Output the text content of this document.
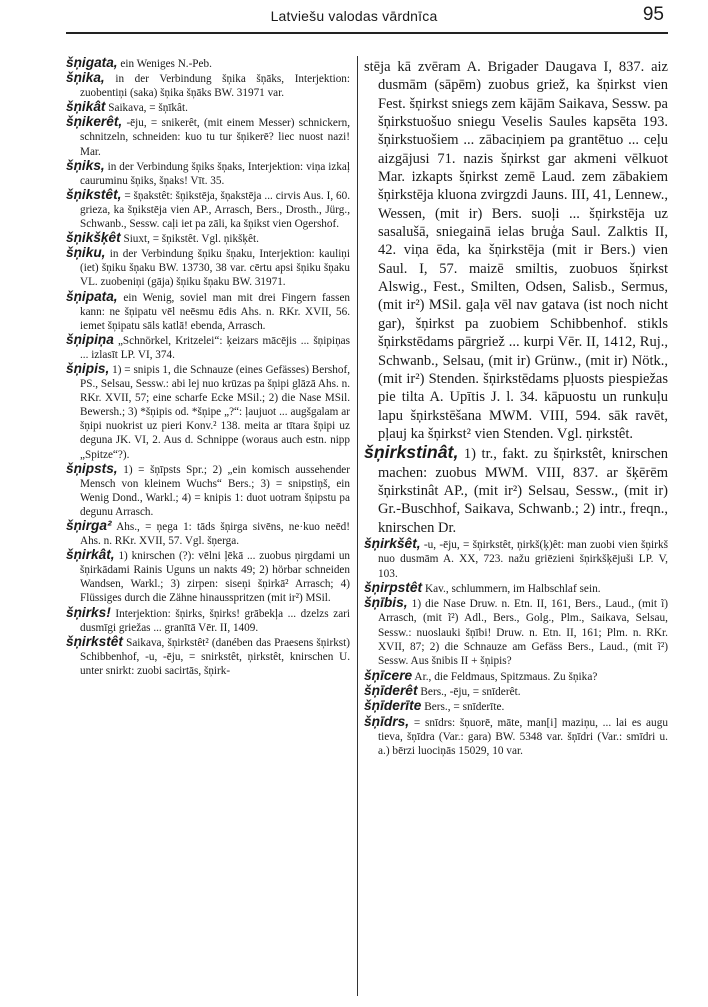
Latviešu valodas vārdnīca	95

šņigata, ein Weniges N.-Peb.

šņika, in der Verbindung šņika šņāks, Interjektion: zuobentiņi (saka) šņika šņāks BW. 31971 var.

šņikât Saikava, = šņīkât.

šņikerêt, -ēju, = snikerêt, (mit einem Messer) schnickern, schnitzeln, schneiden: kuo tu tur šņikerē? liec nuost nazi! Mar.

šņiks, in der Verbindung šņiks šņaks, Interjektion: viņa izkaļ cauruminu šņiks, šņaks! Vīt. 35.

šņikstêt, = šņakstêt: šņikstēja, šņakstēja ... cirvis Aus. I, 60. grieza, ka šņikstēja vien AP., Arrasch, Bers., Drosth., Jürg., Schwanb., Sessw. caļi iet pa zāli, ka šņikst vien Ogershof.

šņikšķêt Siuxt, = šņikstêt. Vgl. ņikšķêt.

šņiku, in der Verbindung šņiku šņaku, Interjektion: kauliņi (iet) šņiku šņaku BW. 13730, 38 var. cērtu apsi šņiku šņaku VL. zuobeniņi (gāja) šņiku šņaku BW. 31971.

šņipata, ein Wenig, soviel man mit drei Fingern fassen kann: ne šņipatu vēl neēsmu ēdis Ahs. n. RKr. XVII, 56. iemet šņipatu sāls katlā! ebenda, Arrasch.

šņipiņa „Schnörkel, Kritzelei“: ķeizars mācējis ... šņipiņas ... izlasīt LP. VI, 374.

šņipis, 1) = snipis 1, die Schnauze (eines Gefässes) Bershof, PS., Selsau, Sessw.: abi lej nuo krūzas pa šņipi glāzā Ahs. n. RKr. XVII, 57; eine scharfe Ecke MSil.; 2) die Nase MSil. Bewersh.; 3) *šņipis od. *šņipe „?“: ļaujuot ... augšgalam ar šņipi nuokrist uz pieri Konv.² 138. meita ar tītara šņipi uz deguna JK. VI, 2. Aus d. Schnippe (woraus auch estn. nipp „Spitze“?).

šņipsts, 1) = šņīpsts Spr.; 2) „ein komisch aussehender Mensch von kleinem Wuchs“ Bers.; 3) = snipstiņš, ein Wenig Dond., Warkl.; 4) = knipis 1: duot uotram šņipstu pa degunu Arrasch.

šņirga² Ahs., = ņega 1: tāds šņirga sivēns, ne·kuo neēd! Ahs. n. RKr. XVII, 57. Vgl. šņerga.

šņirkât, 1) knirschen (?): vēlni ļēkā ... zuobus ņirgdami un šņirkādami Rainis Uguns un nakts 49; 2) hörbar schneiden Wandsen, Warkl.; 3) zirpen: siseņi šņirkā² Arrasch; 4) Flüssiges durch die Zähne hinausspritzen (mit ir²) MSil.

šņirks! Interjektion: šņirks, šņirks! grābekļa ... dzelzs zari dusmīgi griežas ... granītā Vēr. II, 1409.

šņirkstêt Saikava, šņirkstêt² (danében das Praesens šņirkst) Schibbenhof, -u, -ēju, = snirkstêt, ņirkstêt, knirschen U. unter snirkt: zuobi sacirtās, šņirk-

stēja kā zvēram A. Brigader Daugava I, 837. aiz dusmām (sāpēm) zuobus griež, ka šņirkst vien Fest. šņirkst sniegs zem kājām Saikava, Sessw. pa šņirkstuošuo sniegu Veselis Saules kapsēta 193. šņirkstuošiem ... zābaciņiem pa grantētuo ... ceļu aizgājusi 71. nazis šņirkst gar akmeni vēlkuot Mar. izkapts šņirkst zemē Laud. zem zābakiem šņirkstēja kluona zvirgzdi Jauns. III, 41, Lennew., Wessen, (mit ir) Bers. suoļi ... šņirkstēja uz sasalušā, sniegainā ielas bruģa Saul. Zalktis II, 42. viņa ēda, ka šņirkstēja (mit ir Bers.) vien Saul. I, 57. maizē smiltis, zuobuos šņirkst Alswig., Fest., Smilten, Odsen, Salisb., Sermus, (mit ir²) MSil. gaļa vēl nav gatava (ist noch nicht gar), šņirkst pa zuobiem Schibbenhof. stikls šņirkstēdams pārgriež ... kurpi Vēr. II, 1412, Ruj., Schwanb., Selsau, (mit ir) Grünw., (mit ir) Nötk., (mit ir²) Stenden. šņirkstēdams pļuosts piespiežas pie tilta A. Upītis J. l. 34. kāpuostu un runkuļu lapu šņirkstēšana MWM. VIII, 594. sāk ravēt, pļauj ka šņirkst² vien Stenden. Vgl. ņirkstêt.

šņirkstinât, 1) tr., fakt. zu šņirkstêt, knirschen machen: zuobus MWM. VIII, 837. ar šķērēm šņirkstinât AP., (mit ir²) Selsau, Sessw., (mit ir) Gr.-Buschhof, Saikava, Schwanb.; 2) intr., freqn., knirschen Dr.

šņirkšêt, -u, -ēju, = šņirkstêt, ņirkš(ķ)êt: man zuobi vien šņirkš nuo dusmām A. XX, 723. nažu griēzieni šņirkšķējuši LP. V, 103.

šņirpstêt Kav., schlummern, im Halbschlaf sein.

šņībis, 1) die Nase Druw. n. Etn. II, 161, Bers., Laud., (mit ĩ) Arrasch, (mit ĩ²) Adl., Bers., Golg., Plm., Saikava, Selsau, Sessw.: nuoslauki šņībi! Druw. n. Etn. II, 161; Plm. n. RKr. XVII, 87; 2) die Schnauze am Gefäss Bers., Laud., (mit ĩ²) Sessw. Aus šnibis II + šņipis?

šņīcere Ar., die Feldmaus, Spitzmaus. Zu šņika?

šņīderêt Bers., -ēju, = snīderêt.

šņīderīte Bers., = snīderīte.

šņīdrs, = snīdrs: šņuorē, māte, man[i] maziņu, ... lai es augu tieva, šņīdra (Var.: gara) BW. 5348 var. šņīdri (Var.: smīdri u. a.) bērzi luociņās 15029, 10 var.
